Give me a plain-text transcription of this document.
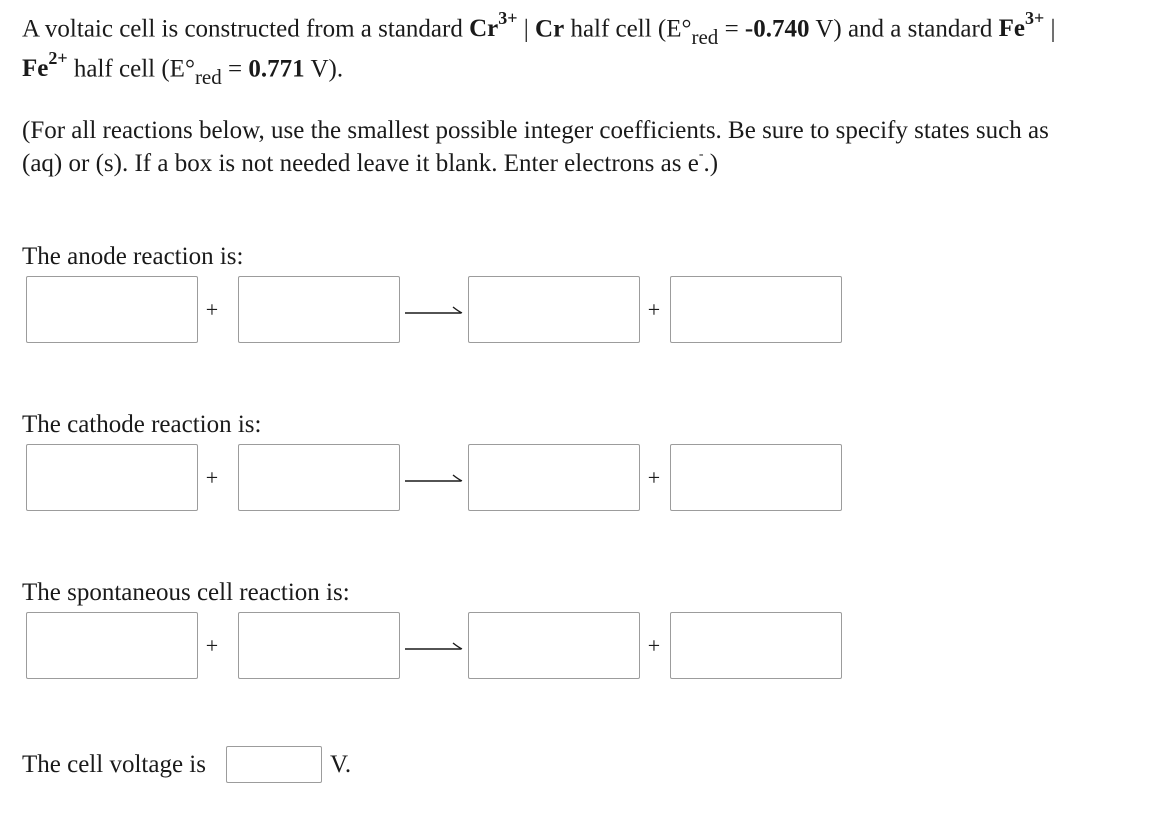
A voltaic cell is constructed from a standard $Cr^{3+}$ | Cr half cell ($E^\circ_{red} = -0.740$ V) and a standard $Fe^{3+}$ |
$Fe^{2+}$ half cell ($E^\circ_{red} = 0.771$ V).
(For all reactions below, use the smallest possible integer coefficients. Be sure to specify states such as
(aq) or (s). If a box is not needed leave it blank. Enter electrons as e-.)
The anode reaction is:
+	+
The cathode reaction is:
+	+
The spontaneous cell reaction is:
+	+
The cell voltage is	V.
